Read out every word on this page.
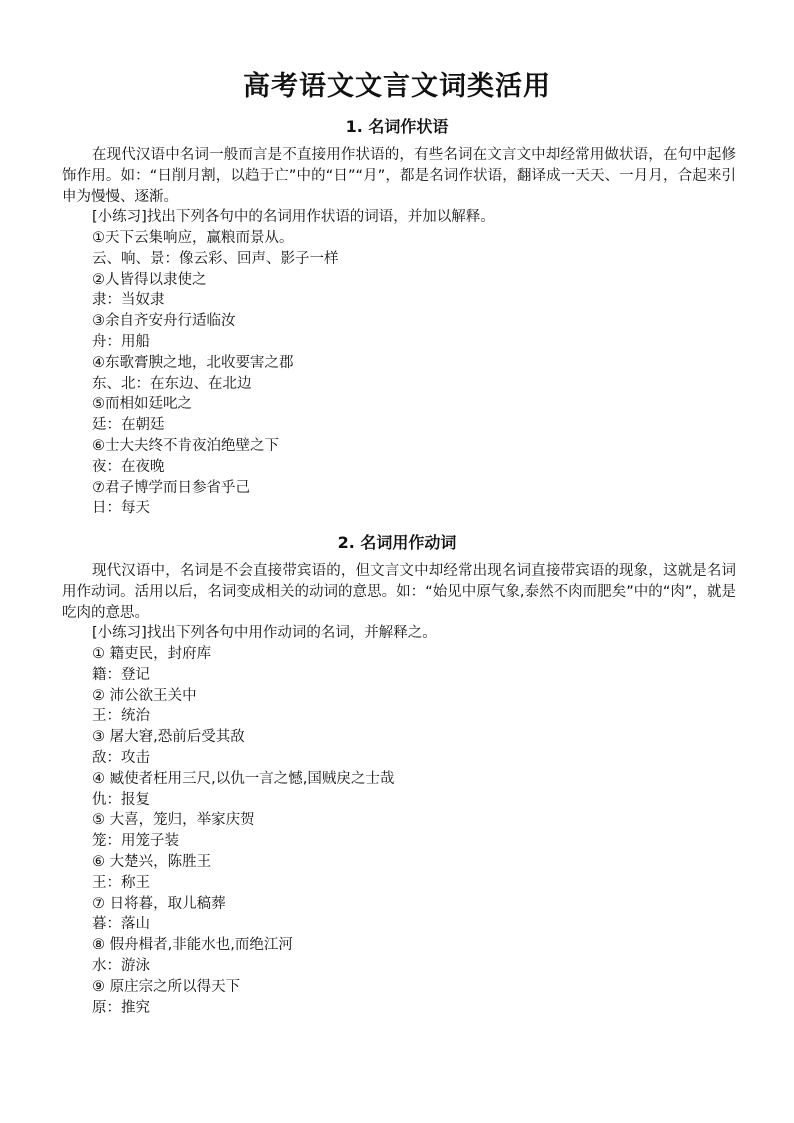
高考语文文言文词类活用
1. 名词作状语
在现代汉语中名词一般而言是不直接用作状语的，有些名词在文言文中却经常用做状语，在句中起修饰作用。如：“日削月割，以趋于亡”中的“日”“月”，都是名词作状语，翻译成一天天、一月月，合起来引申为慢慢、逐渐。
[小练习]找出下列各句中的名词用作状语的词语，并加以解释。
①天下云集响应，赢粮而景从。
云、响、景：像云彩、回声、影子一样
②人皆得以隶使之
隶：当奴隶
③余自齐安舟行适临汝
舟：用船
④东歌膏腴之地，北收要害之郡
东、北：在东边、在北边
⑤而相如廷叱之
廷：在朝廷
⑥士大夫终不肯夜泊绝壁之下
夜：在夜晚
⑦君子博学而日参省乎己
日：每天
2. 名词用作动词
现代汉语中，名词是不会直接带宾语的，但文言文中却经常出现名词直接带宾语的现象，这就是名词用作动词。活用以后，名词变成相关的动词的意思。如：“始见中原气象,泰然不肉而肥矣”中的“肉”，就是吃肉的意思。
[小练习]找出下列各句中用作动词的名词，并解释之。
① 籍吏民，封府库
籍：登记
② 沛公欲王关中
王：统治
③ 屠大窘,恐前后受其敌
敌：攻击
④ 臧使者枉用三尺,以仇一言之憾,国贼戾之士哉
仇：报复
⑤ 大喜，笼归，举家庆贺
笼：用笼子装
⑥ 大楚兴，陈胜王
王：称王
⑦ 日将暮，取儿稿葬
暮：落山
⑧ 假舟楫者,非能水也,而绝江河
水：游泳
⑨ 原庄宗之所以得天下
原：推究
